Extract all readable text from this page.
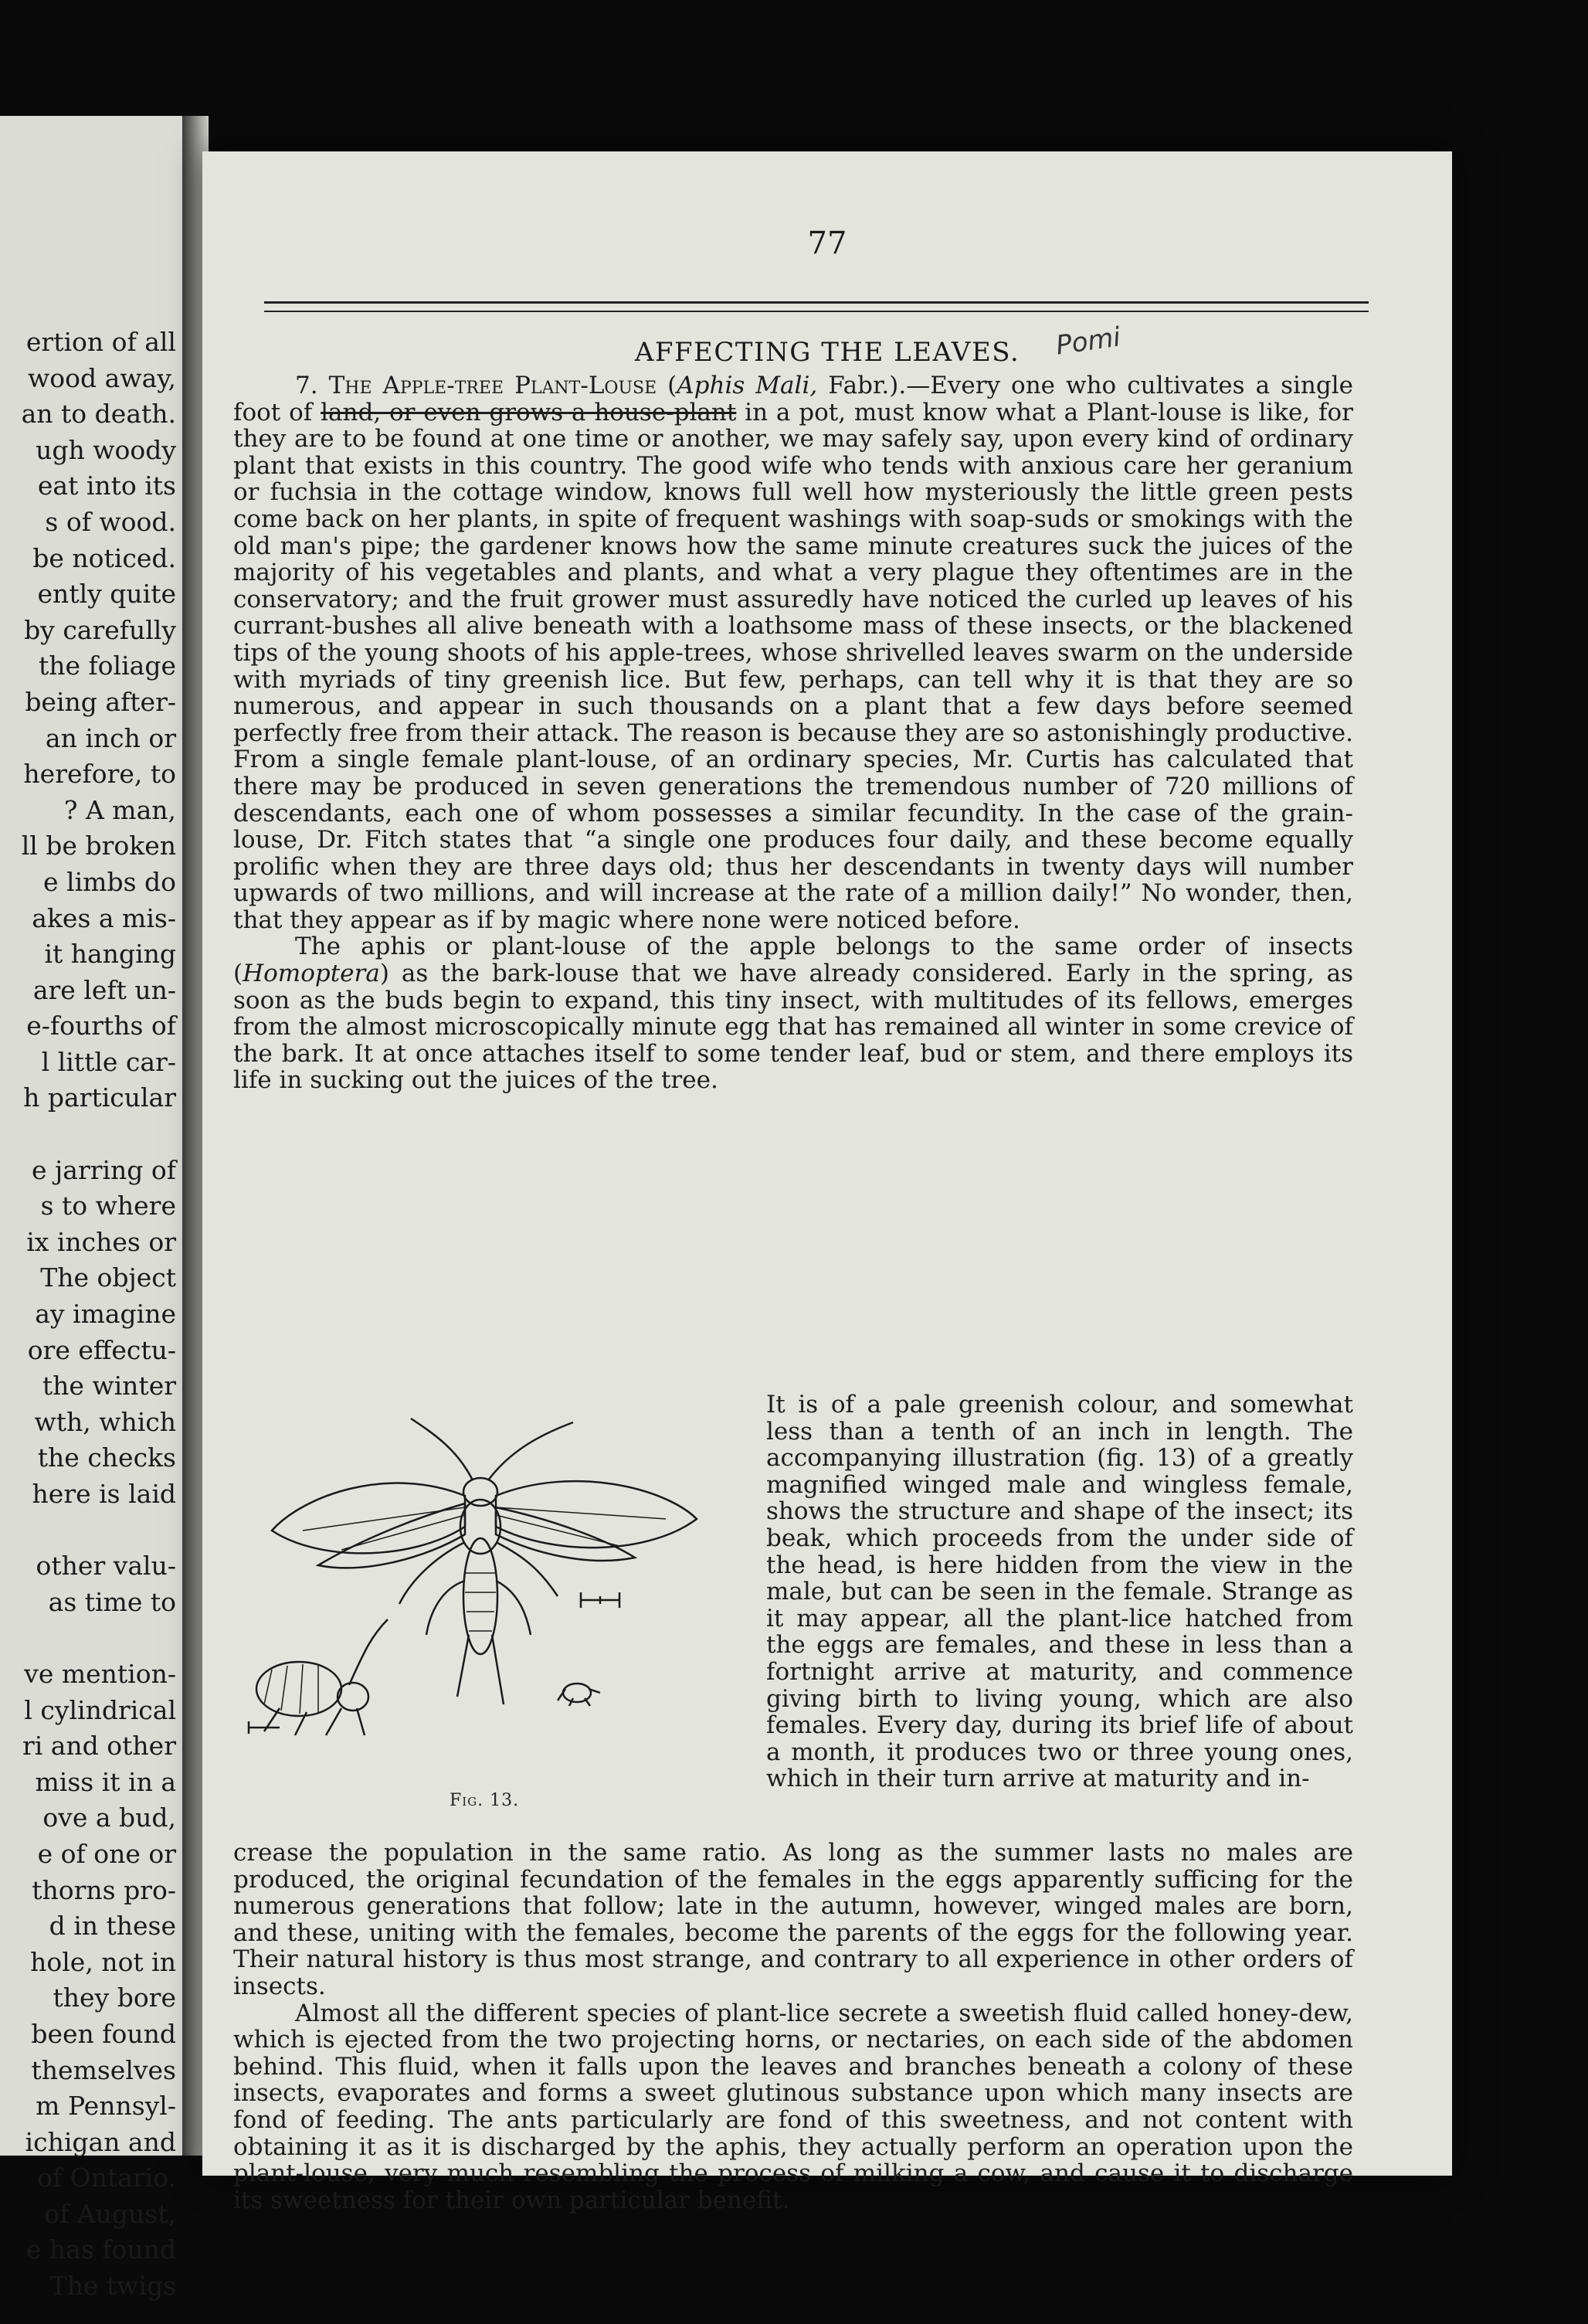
ertion of all
wood away,
an to death.
ugh woody
eat into its
s of wood.
be noticed.
ently quite
by carefully
the foliage
being after-
an inch or
herefore, to
? A man,
ll be broken
e limbs do
akes a mis-
it hanging
are left un-
e-fourths of
l little car-
h particular
e jarring of
s to where
ix inches or
The object
ay imagine
ore effectu-
the winter
wth, which
the checks
here is laid
other valu-
as time to
ve mention-
l cylindrical
ri and other
miss it in a
ove a bud,
e of one or
thorns pro-
d in these
hole, not in
they bore
been found
themselves
m Pennsyl-
ichigan and
of Ontario.
of August,
e has found
The twigs
77
AFFECTING THE LEAVES.	Pomi

7. The Apple-tree Plant-Louse (Aphis Mali, Fabr.).—Every one who cultivates a single foot of land, or even grows a house-plant in a pot, must know what a Plant-louse is like, for they are to be found at one time or another, we may safely say, upon every kind of ordinary plant that exists in this country. The good wife who tends with anxious care her geranium or fuchsia in the cottage window, knows full well how mysteriously the little green pests come back on her plants, in spite of frequent washings with soap-suds or smokings with the old man's pipe; the gardener knows how the same minute creatures suck the juices of the majority of his vegetables and plants, and what a very plague they oftentimes are in the conservatory; and the fruit grower must assuredly have noticed the curled up leaves of his currant-bushes all alive beneath with a loathsome mass of these insects, or the blackened tips of the young shoots of his apple-trees, whose shrivelled leaves swarm on the underside with myriads of tiny greenish lice. But few, perhaps, can tell why it is that they are so numerous, and appear in such thousands on a plant that a few days before seemed perfectly free from their attack. The reason is because they are so astonishingly productive. From a single female plant-louse, of an ordinary species, Mr. Curtis has calculated that there may be produced in seven generations the tremendous number of 720 millions of descendants, each one of whom possesses a similar fecundity. In the case of the grain-louse, Dr. Fitch states that “a single one produces four daily, and these become equally prolific when they are three days old; thus her descendants in twenty days will number upwards of two millions, and will increase at the rate of a million daily!” No wonder, then, that they appear as if by magic where none were noticed before.

The aphis or plant-louse of the apple belongs to the same order of insects (Homoptera) as the bark-louse that we have already considered. Early in the spring, as soon as the buds begin to expand, this tiny insect, with multitudes of its fellows, emerges from the almost microscopically minute egg that has remained all winter in some crevice of the bark. It at once attaches itself to some tender leaf, bud or stem, and there employs its life in sucking out the juices of the tree.

It is of a pale greenish colour, and somewhat less than a tenth of an inch in length. The accompanying illustration (fig. 13) of a greatly magnified winged male and wingless female, shows the structure and shape of the insect; its beak, which proceeds from the under side of the head, is here hidden from the view in the male, but can be seen in the female. Strange as it may appear, all the plant-lice hatched from the eggs are females, and these in less than a fortnight arrive at maturity, and commence giving birth to living young, which are also females. Every day, during its brief life of about a month, it produces two or three young ones, which in their turn arrive at maturity and in-

Fig. 13.

crease the population in the same ratio. As long as the summer lasts no males are produced, the original fecundation of the females in the eggs apparently sufficing for the numerous generations that follow; late in the autumn, however, winged males are born, and these, uniting with the females, become the parents of the eggs for the following year. Their natural history is thus most strange, and contrary to all experience in other orders of insects.

Almost all the different species of plant-lice secrete a sweetish fluid called honey-dew, which is ejected from the two projecting horns, or nectaries, on each side of the abdomen behind. This fluid, when it falls upon the leaves and branches beneath a colony of these insects, evaporates and forms a sweet glutinous substance upon which many insects are fond of feeding. The ants particularly are fond of this sweetness, and not content with obtaining it as it is discharged by the aphis, they actually perform an operation upon the plant-louse, very much resembling the process of milking a cow, and cause it to discharge its sweetness for their own particular benefit.
